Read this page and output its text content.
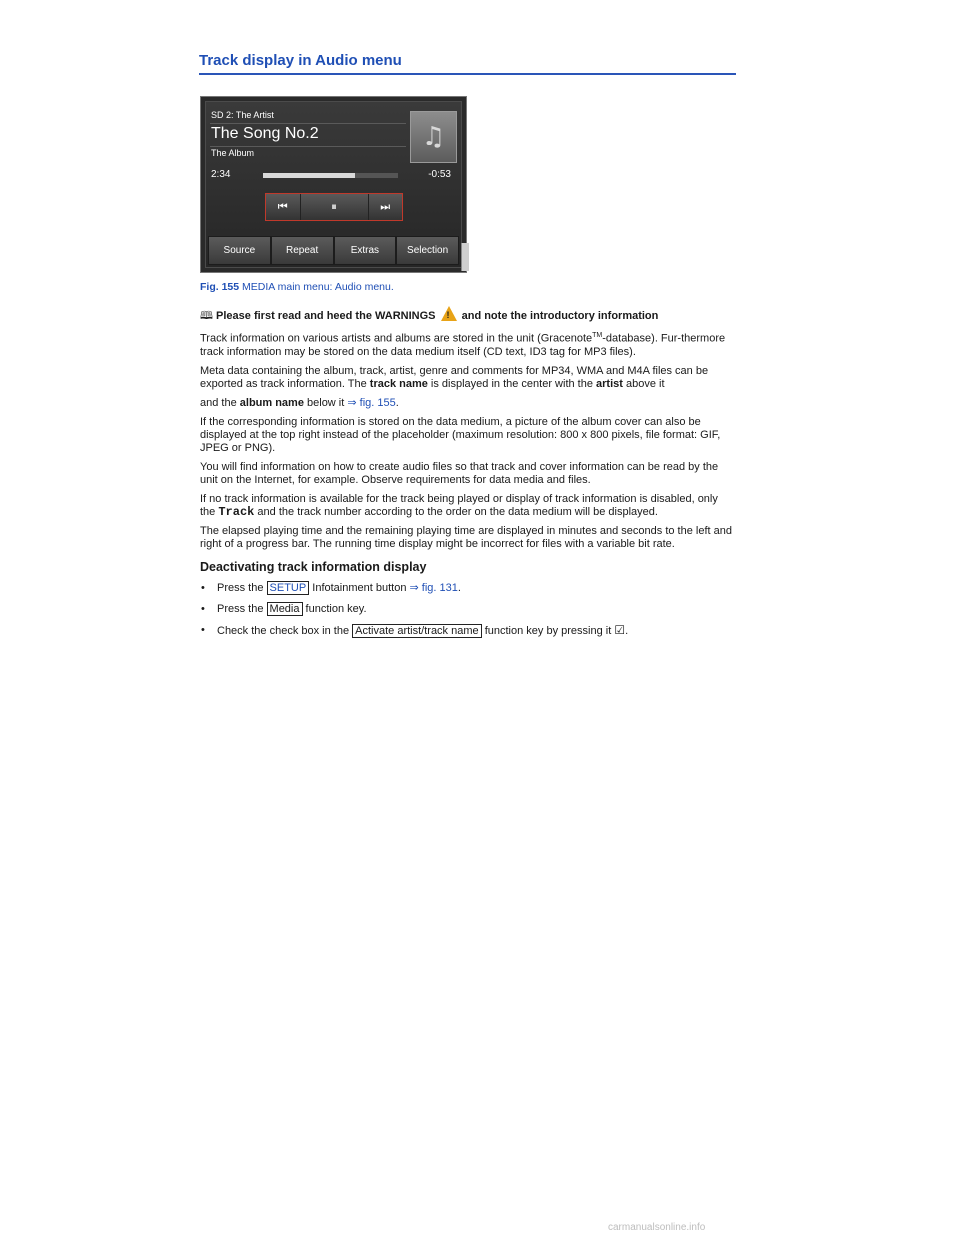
Track display in Audio menu
SD 2: The Artist
The Song No.2
The Album
♫
2:34	-0:53
⏮	⏸	⏭
Source	Repeat	Extras	Selection
Fig. 155 MEDIA main menu: Audio menu.

🕮 Please first read and heed the WARNINGS ! and note the introductory information

Track information on various artists and albums are stored in the unit (Gracenote™-database). Fur-thermore track information may be stored on the data medium itself (CD text, ID3 tag for MP3 files).

Meta data containing the album, track, artist, genre and comments for MP34, WMA and M4A files can be exported as track information. The track name is displayed in the center with the artist above it

and the album name below it ⇒ fig. 155.

If the corresponding information is stored on the data medium, a picture of the album cover can also be displayed at the top right instead of the placeholder (maximum resolution: 800 x 800 pixels, file format: GIF, JPEG or PNG).

You will find information on how to create audio files so that track and cover information can be read by the unit on the Internet, for example. Observe requirements for data media and files.

If no track information is available for the track being played or display of track information is disabled, only the Track and the track number according to the order on the data medium will be displayed.

The elapsed playing time and the remaining playing time are displayed in minutes and seconds to the left and right of a progress bar. The running time display might be incorrect for files with a variable bit rate.

Deactivating track information display
• Press the SETUP Infotainment button ⇒ fig. 131.
• Press the Media function key.
• Check the check box in the Activate artist/track name function key by pressing it ☑.
carmanualsonline.info
